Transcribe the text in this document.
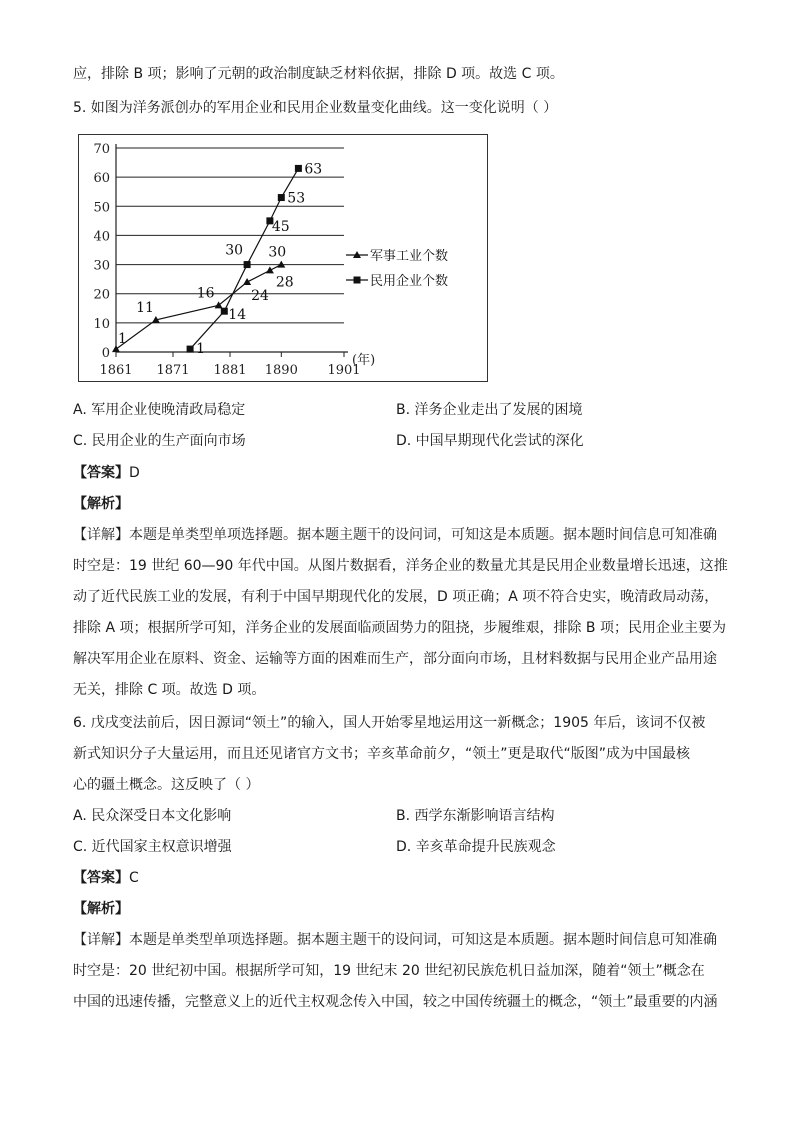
应，排除 B 项；影响了元朝的政治制度缺乏材料依据，排除 D 项。故选 C 项。
5. 如图为洋务派创办的军用企业和民用企业数量变化曲线。这一变化说明（ ）
0
10
20
30
40
50
60
70
1861 1871 1881 1890 1901
1
11
16	24
28
30
1
14
30
45
53
63
军事工业个数
民用企业个数
(年)
A. 军用企业使晚清政局稳定	B. 洋务企业走出了发展的困境
C. 民用企业的生产面向市场	D. 中国早期现代化尝试的深化
【答案】D
【解析】
【详解】本题是单类型单项选择题。据本题主题干的设问词，可知这是本质题。据本题时间信息可知准确
时空是：19 世纪 60—90 年代中国。从图片数据看，洋务企业的数量尤其是民用企业数量增长迅速，这推
动了近代民族工业的发展，有利于中国早期现代化的发展，D 项正确；A 项不符合史实，晚清政局动荡，
排除 A 项；根据所学可知，洋务企业的发展面临顽固势力的阻挠，步履维艰，排除 B 项；民用企业主要为
解决军用企业在原料、资金、运输等方面的困难而生产，部分面向市场，且材料数据与民用企业产品用途
无关，排除 C 项。故选 D 项。
6. 戊戌变法前后，因日源词“领土”的输入，国人开始零星地运用这一新概念；1905 年后，该词不仅被
新式知识分子大量运用，而且还见诸官方文书；辛亥革命前夕，“领土”更是取代“版图”成为中国最核
心的疆土概念。这反映了（ ）
A. 民众深受日本文化影响	B. 西学东渐影响语言结构
C. 近代国家主权意识增强	D. 辛亥革命提升民族观念
【答案】C
【解析】
【详解】本题是单类型单项选择题。据本题主题干的设问词，可知这是本质题。据本题时间信息可知准确
时空是：20 世纪初中国。根据所学可知，19 世纪末 20 世纪初民族危机日益加深，随着“领土”概念在
中国的迅速传播，完整意义上的近代主权观念传入中国，较之中国传统疆土的概念，“领土”最重要的内涵
